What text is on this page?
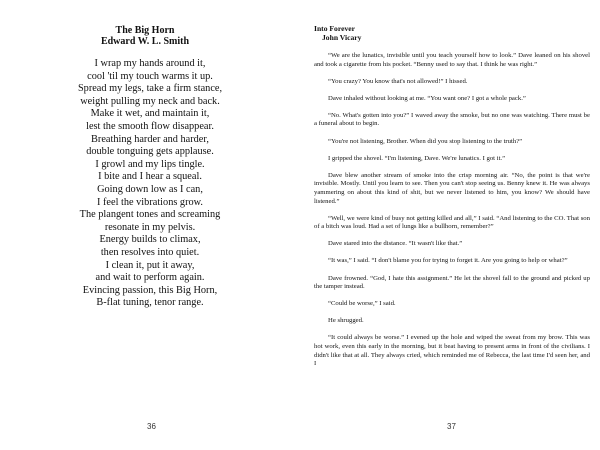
The Big Horn
Edward W. L. Smith
I wrap my hands around it,
cool 'til my touch warms it up.
Spread my legs, take a firm stance,
weight pulling my neck and back.
Make it wet, and maintain it,
lest the smooth flow disappear.
Breathing harder and harder,
double tonguing gets applause.
I growl and my lips tingle.
I bite and I hear a squeal.
Going down low as I can,
I feel the vibrations grow.
The plangent tones and screaming
resonate in my pelvis.
Energy builds to climax,
then resolves into quiet.
I clean it, put it away,
and wait to perform again.
Evincing passion, this Big Horn,
B-flat tuning, tenor range.
36
Into Forever
John Vicary

“We are the lunatics, invisible until you teach yourself how to look.” Dave leaned on his shovel and took a cigarette from his pocket. “Benny used to say that. I think he was right.”

“You crazy? You know that's not allowed!” I hissed.

Dave inhaled without looking at me. “You want one? I got a whole pack.”

“No. What's gotten into you?” I waved away the smoke, but no one was watching. There must be a funeral about to begin.

“You're not listening, Brother. When did you stop listening to the truth?”

I gripped the shovel. “I'm listening, Dave. We're lunatics. I got it.”

Dave blew another stream of smoke into the crisp morning air. “No, the point is that we're invisible. Mostly. Until you learn to see. Then you can't stop seeing us. Benny knew it. He was always yammering on about this kind of shit, but we never listened to him, you know? We should have listened.”

“Well, we were kind of busy not getting killed and all,” I said. “And listening to the CO. That son of a bitch was loud. Had a set of lungs like a bullhorn, remember?”

Dave stared into the distance. “It wasn't like that.”

“It was,” I said. “I don't blame you for trying to forget it. Are you going to help or what?”

Dave frowned. “God, I hate this assignment.” He let the shovel fall to the ground and picked up the tamper instead.

“Could be worse,” I said.

He shrugged.

“It could always be worse.” I evened up the hole and wiped the sweat from my brow. This was hot work, even this early in the morning, but it beat having to present arms in front of the civilians. I didn't like that at all. They always cried, which reminded me of Rebecca, the last time I'd seen her, and I

37
